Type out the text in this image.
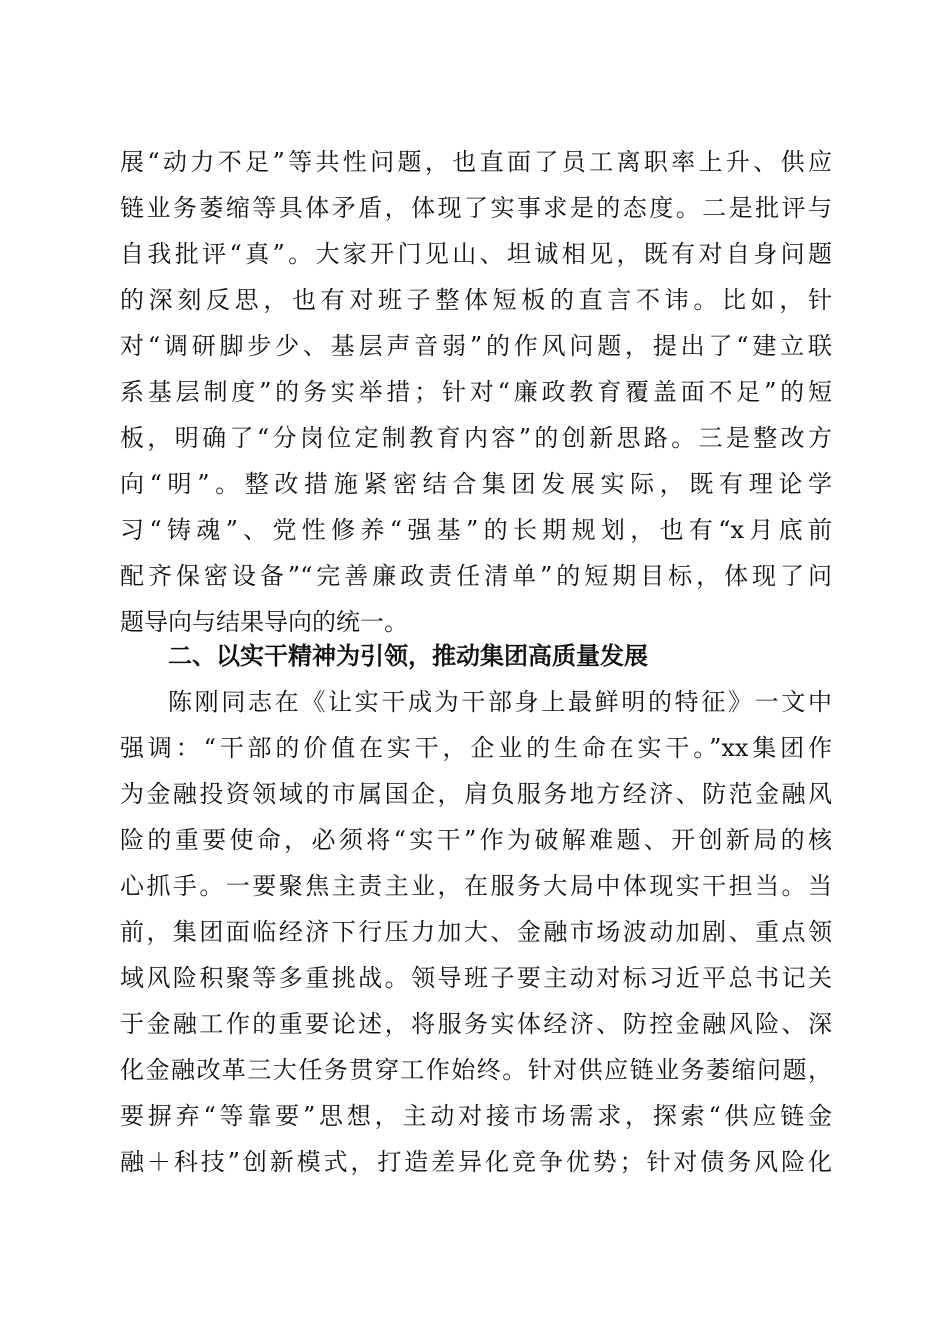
展“动力不足”等共性问题，也直面了员工离职率上升、供应
链业务萎缩等具体矛盾，体现了实事求是的态度。二是批评与
自我批评“真”。大家开门见山、坦诚相见，既有对自身问题
的深刻反思，也有对班子整体短板的直言不讳。比如，针
对“调研脚步少、基层声音弱”的作风问题，提出了“建立联
系基层制度”的务实举措；针对“廉政教育覆盖面不足”的短
板，明确了“分岗位定制教育内容”的创新思路。三是整改方
向“明”。整改措施紧密结合集团发展实际，既有理论学
习“铸魂”、党性修养“强基”的长期规划，也有“x月底前
配齐保密设备”“完善廉政责任清单”的短期目标，体现了问
题导向与结果导向的统一。
二、以实干精神为引领，推动集团高质量发展
陈刚同志在《让实干成为干部身上最鲜明的特征》一文中
强调：“干部的价值在实干，企业的生命在实干。”xx集团作
为金融投资领域的市属国企，肩负服务地方经济、防范金融风
险的重要使命，必须将“实干”作为破解难题、开创新局的核
心抓手。一要聚焦主责主业，在服务大局中体现实干担当。当
前，集团面临经济下行压力加大、金融市场波动加剧、重点领
域风险积聚等多重挑战。领导班子要主动对标习近平总书记关
于金融工作的重要论述，将服务实体经济、防控金融风险、深
化金融改革三大任务贯穿工作始终。针对供应链业务萎缩问题，
要摒弃“等靠要”思想，主动对接市场需求，探索“供应链金
融＋科技”创新模式，打造差异化竞争优势；针对债务风险化
